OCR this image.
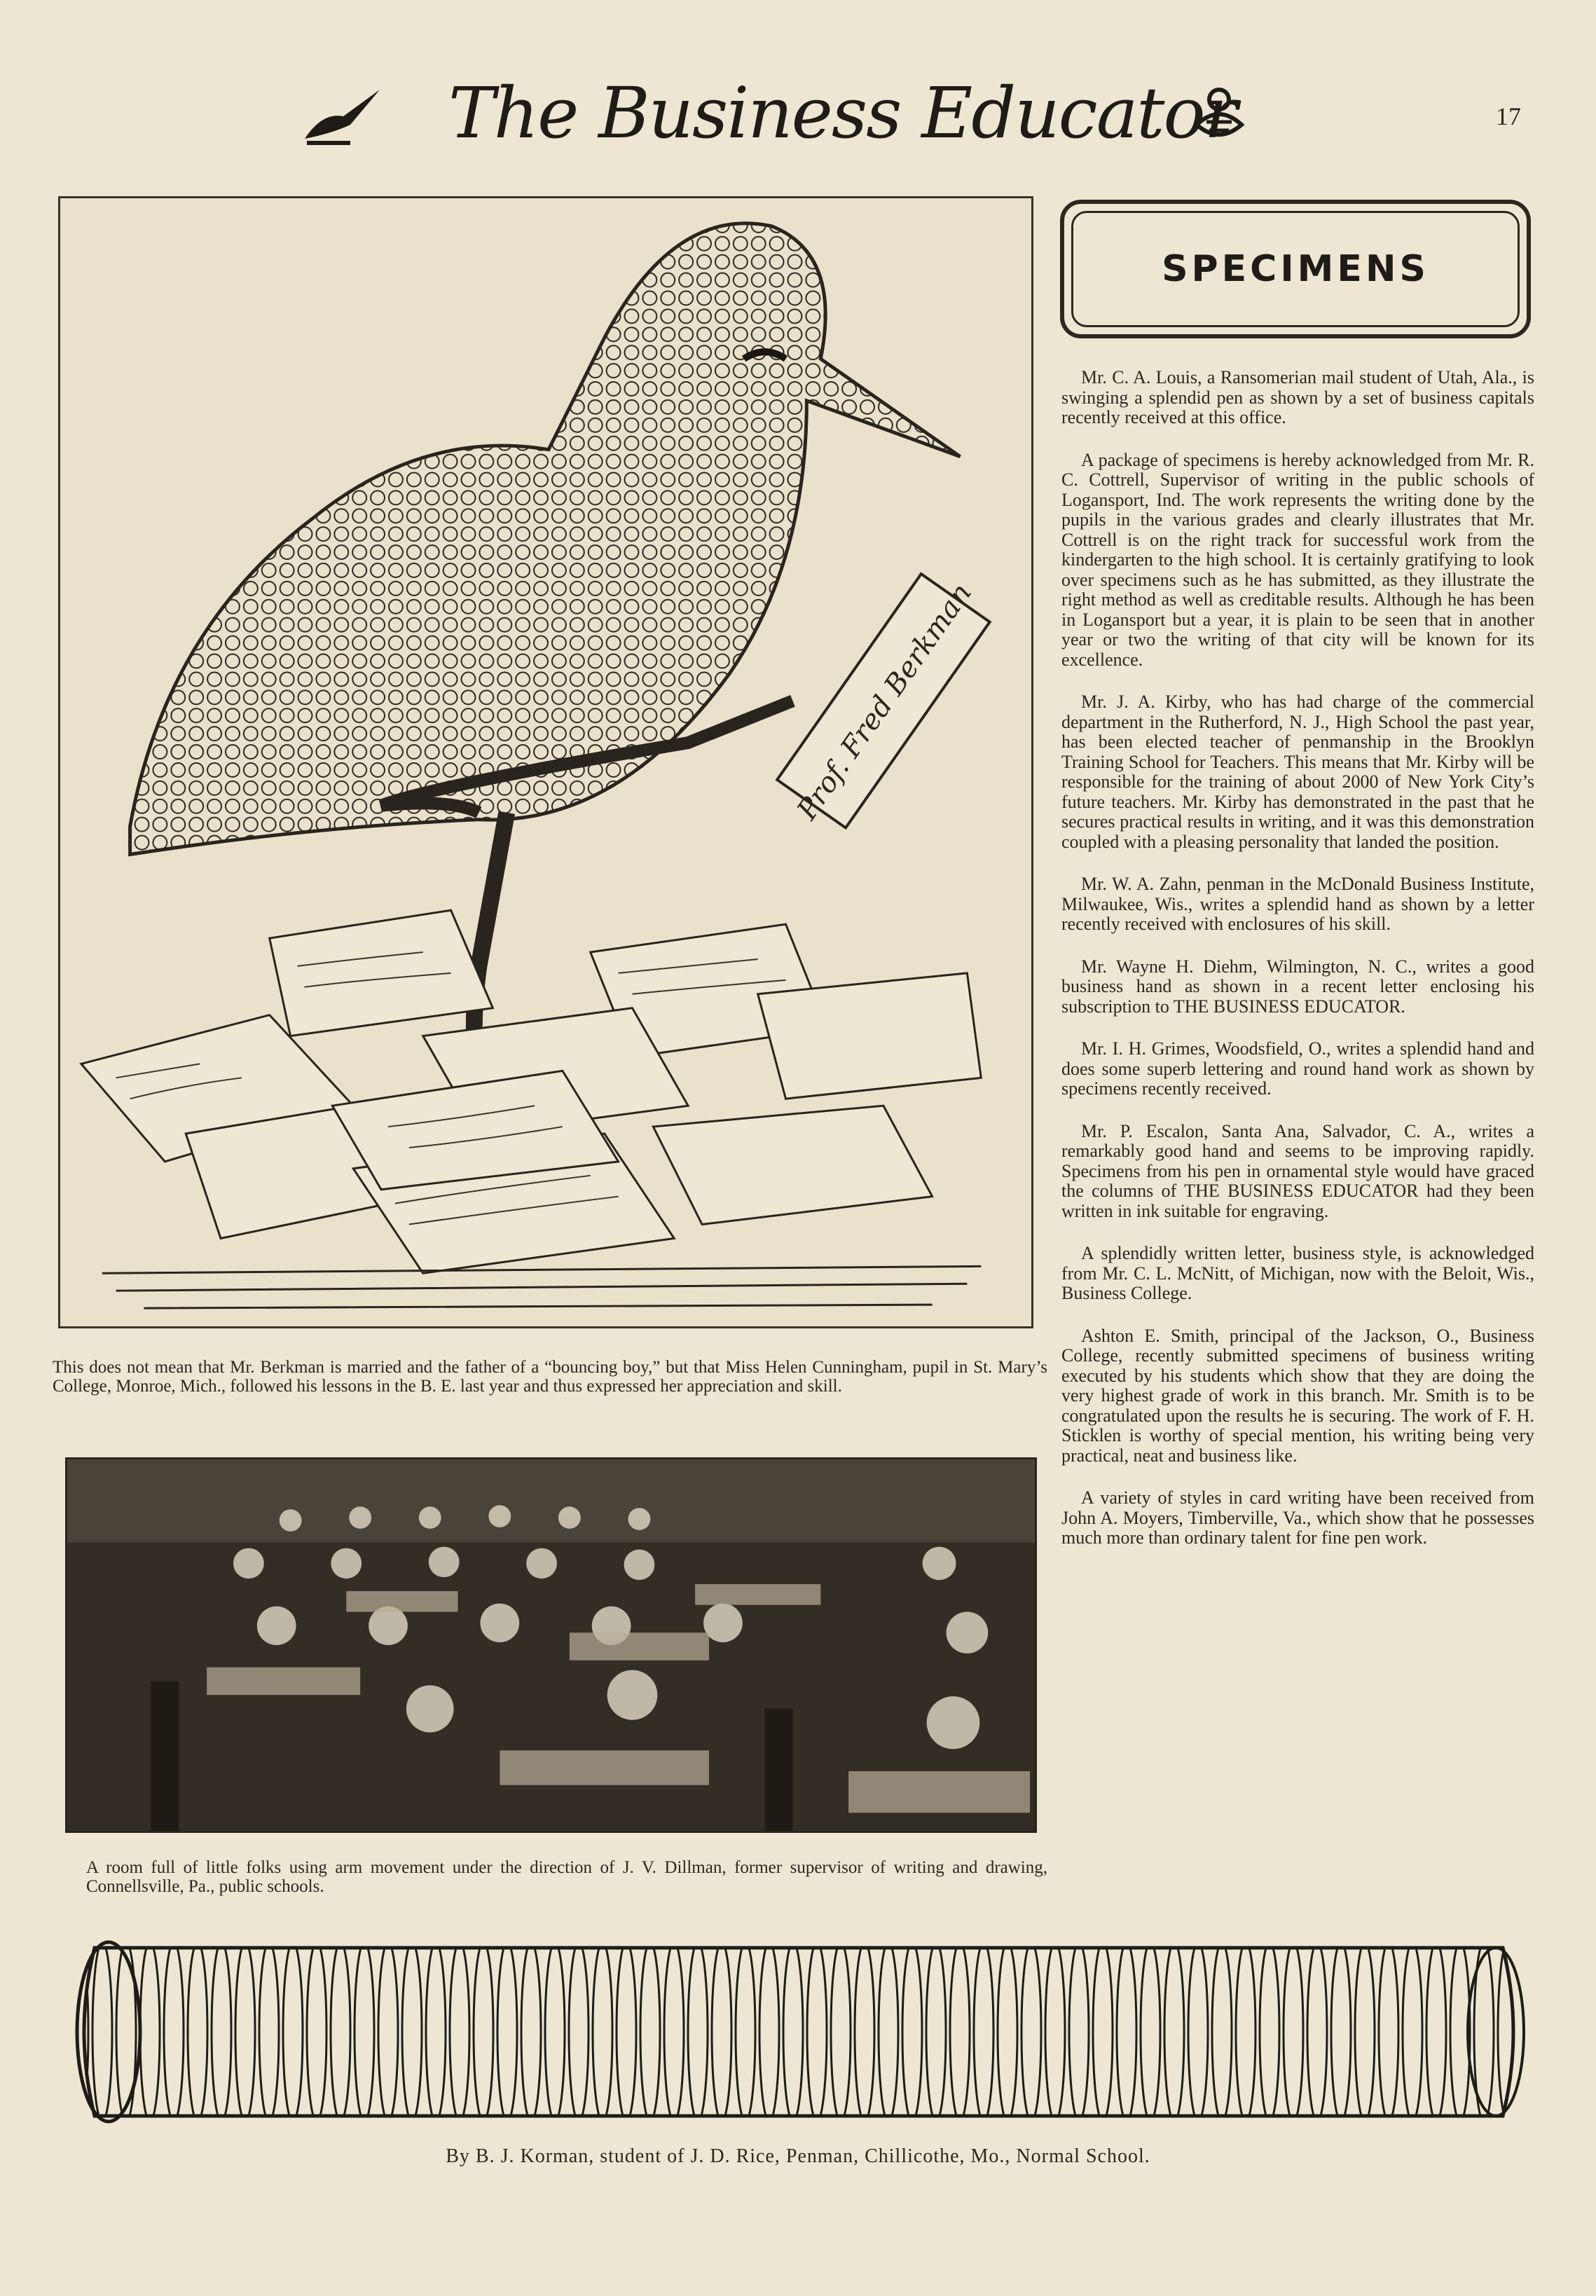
The Business Educator	17
Prof. Fred Berkman
This does not mean that Mr. Berkman is married and the father of a “bouncing boy,” but that Miss Helen Cunningham, pupil in St. Mary’s College, Monroe, Mich., followed his lessons in the B. E. last year and thus expressed her appreciation and skill.
A room full of little folks using arm movement under the direction of J. V. Dillman, former supervisor of writing and drawing, Connellsville, Pa., public schools.
SPECIMENS

Mr. C. A. Louis, a Ransomerian mail student of Utah, Ala., is swinging a splendid pen as shown by a set of business capitals recently received at this office.

A package of specimens is hereby acknowledged from Mr. R. C. Cottrell, Supervisor of writing in the public schools of Logansport, Ind. The work represents the writing done by the pupils in the various grades and clearly illustrates that Mr. Cottrell is on the right track for successful work from the kindergarten to the high school. It is certainly gratifying to look over specimens such as he has submitted, as they illustrate the right method as well as creditable results. Although he has been in Logansport but a year, it is plain to be seen that in another year or two the writing of that city will be known for its excellence.

Mr. J. A. Kirby, who has had charge of the commercial department in the Rutherford, N. J., High School the past year, has been elected teacher of penmanship in the Brooklyn Training School for Teachers. This means that Mr. Kirby will be responsible for the training of about 2000 of New York City’s future teachers. Mr. Kirby has demonstrated in the past that he secures practical results in writing, and it was this demonstration coupled with a pleasing personality that landed the position.

Mr. W. A. Zahn, penman in the McDonald Business Institute, Milwaukee, Wis., writes a splendid hand as shown by a letter recently received with enclosures of his skill.

Mr. Wayne H. Diehm, Wilmington, N. C., writes a good business hand as shown in a recent letter enclosing his subscription to THE BUSINESS EDUCATOR.

Mr. I. H. Grimes, Woodsfield, O., writes a splendid hand and does some superb lettering and round hand work as shown by specimens recently received.

Mr. P. Escalon, Santa Ana, Salvador, C. A., writes a remarkably good hand and seems to be improving rapidly. Specimens from his pen in ornamental style would have graced the columns of THE BUSINESS EDUCATOR had they been written in ink suitable for engraving.

A splendidly written letter, business style, is acknowledged from Mr. C. L. McNitt, of Michigan, now with the Beloit, Wis., Business College.

Ashton E. Smith, principal of the Jackson, O., Business College, recently submitted specimens of business writing executed by his students which show that they are doing the very highest grade of work in this branch. Mr. Smith is to be congratulated upon the results he is securing. The work of F. H. Sticklen is worthy of special mention, his writing being very practical, neat and business like.

A variety of styles in card writing have been received from John A. Moyers, Timberville, Va., which show that he possesses much more than ordinary talent for fine pen work.

By B. J. Korman, student of J. D. Rice, Penman, Chillicothe, Mo., Normal School.
